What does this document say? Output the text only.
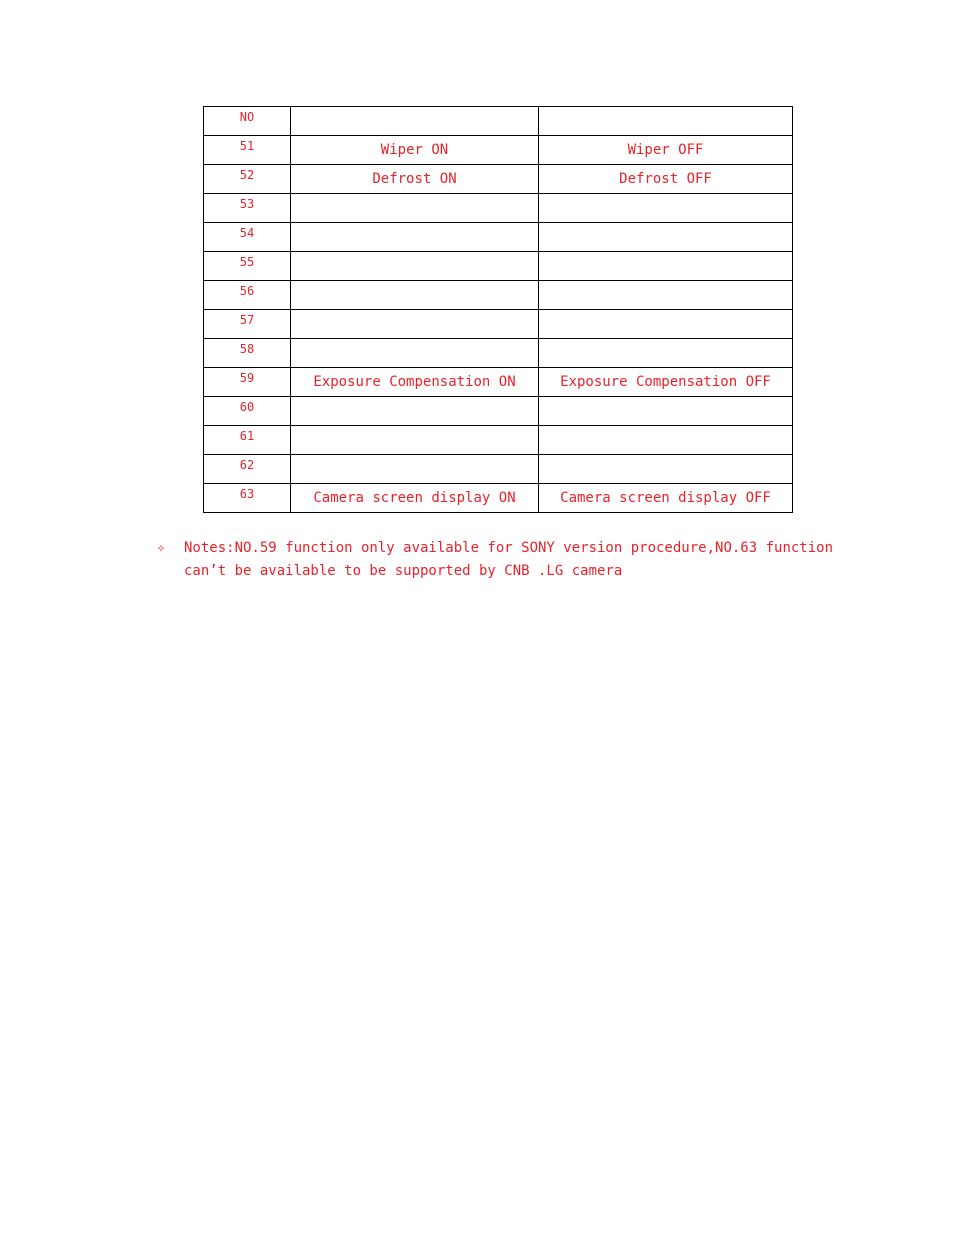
NO		
51	Wiper ON	Wiper OFF
52	Defrost ON	Defrost OFF
53		
54		
55		
56		
57		
58		
59	Exposure Compensation ON	Exposure Compensation OFF
60		
61		
62		
63	Camera screen display ON	Camera screen display OFF
✧ Notes:NO.59 function only available for SONY version procedure,NO.63 function
can’t be available to be supported by CNB .LG camera
